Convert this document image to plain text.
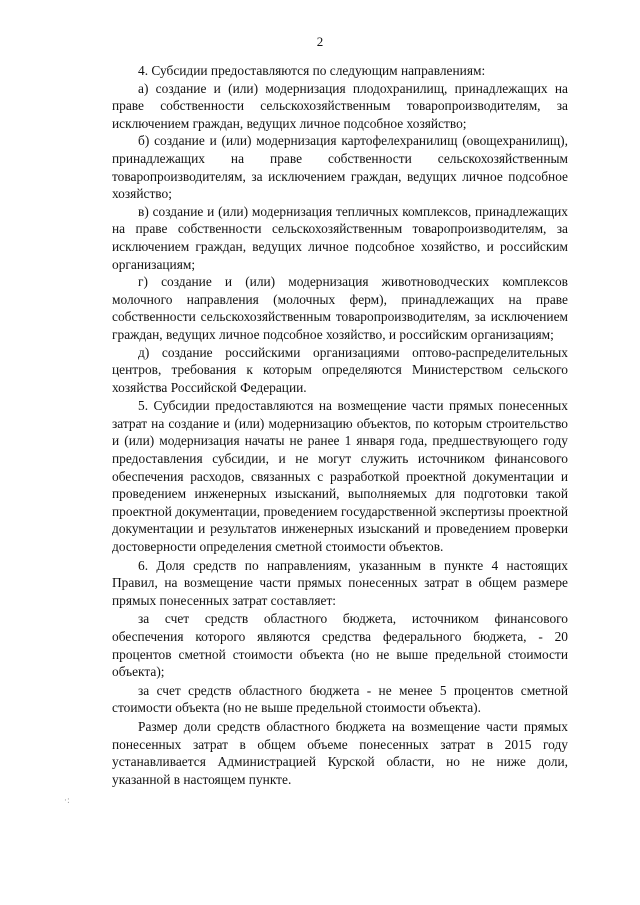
2

4. Субсидии предоставляются по следующим направлениям:

а) создание и (или) модернизация плодохранилищ, принадлежащих на праве собственности сельскохозяйственным товаропроизводителям, за исключением граждан, ведущих личное подсобное хозяйство;

б) создание и (или) модернизация картофелехранилищ (овощехранилищ), принадлежащих на праве собственности сельскохозяйственным товаропроизводителям, за исключением граждан, ведущих личное подсобное хозяйство;

в) создание и (или) модернизация тепличных комплексов, принадлежащих на праве собственности сельскохозяйственным товаропроизводителям, за исключением граждан, ведущих личное подсобное хозяйство, и российским организациям;

г) создание и (или) модернизация животноводческих комплексов молочного направления (молочных ферм), принадлежащих на праве собственности сельскохозяйственным товаропроизводителям, за исключением граждан, ведущих личное подсобное хозяйство, и российским организациям;

д) создание российскими организациями оптово-распределительных центров, требования к которым определяются Министерством сельского хозяйства Российской Федерации.

5. Субсидии предоставляются на возмещение части прямых понесенных затрат на создание и (или) модернизацию объектов, по которым строительство и (или) модернизация начаты не ранее 1 января года, предшествующего году предоставления субсидии, и не могут служить источником финансового обеспечения расходов, связанных с разработкой проектной документации и проведением инженерных изысканий, выполняемых для подготовки такой проектной документации, проведением государственной экспертизы проектной документации и результатов инженерных изысканий и проведением проверки достоверности определения сметной стоимости объектов.

6. Доля средств по направлениям, указанным в пункте 4 настоящих Правил, на возмещение части прямых понесенных затрат в общем размере прямых понесенных затрат составляет:

за счет средств областного бюджета, источником финансового обеспечения которого являются средства федерального бюджета, - 20 процентов сметной стоимости объекта (но не выше предельной стоимости объекта);

за счет средств областного бюджета - не менее 5 процентов сметной стоимости объекта (но не выше предельной стоимости объекта).

Размер доли средств областного бюджета на возмещение части прямых понесенных затрат в общем объеме понесенных затрат в 2015 году устанавливается Администрацией Курской области, но не ниже доли, указанной в настоящем пункте.

·:
